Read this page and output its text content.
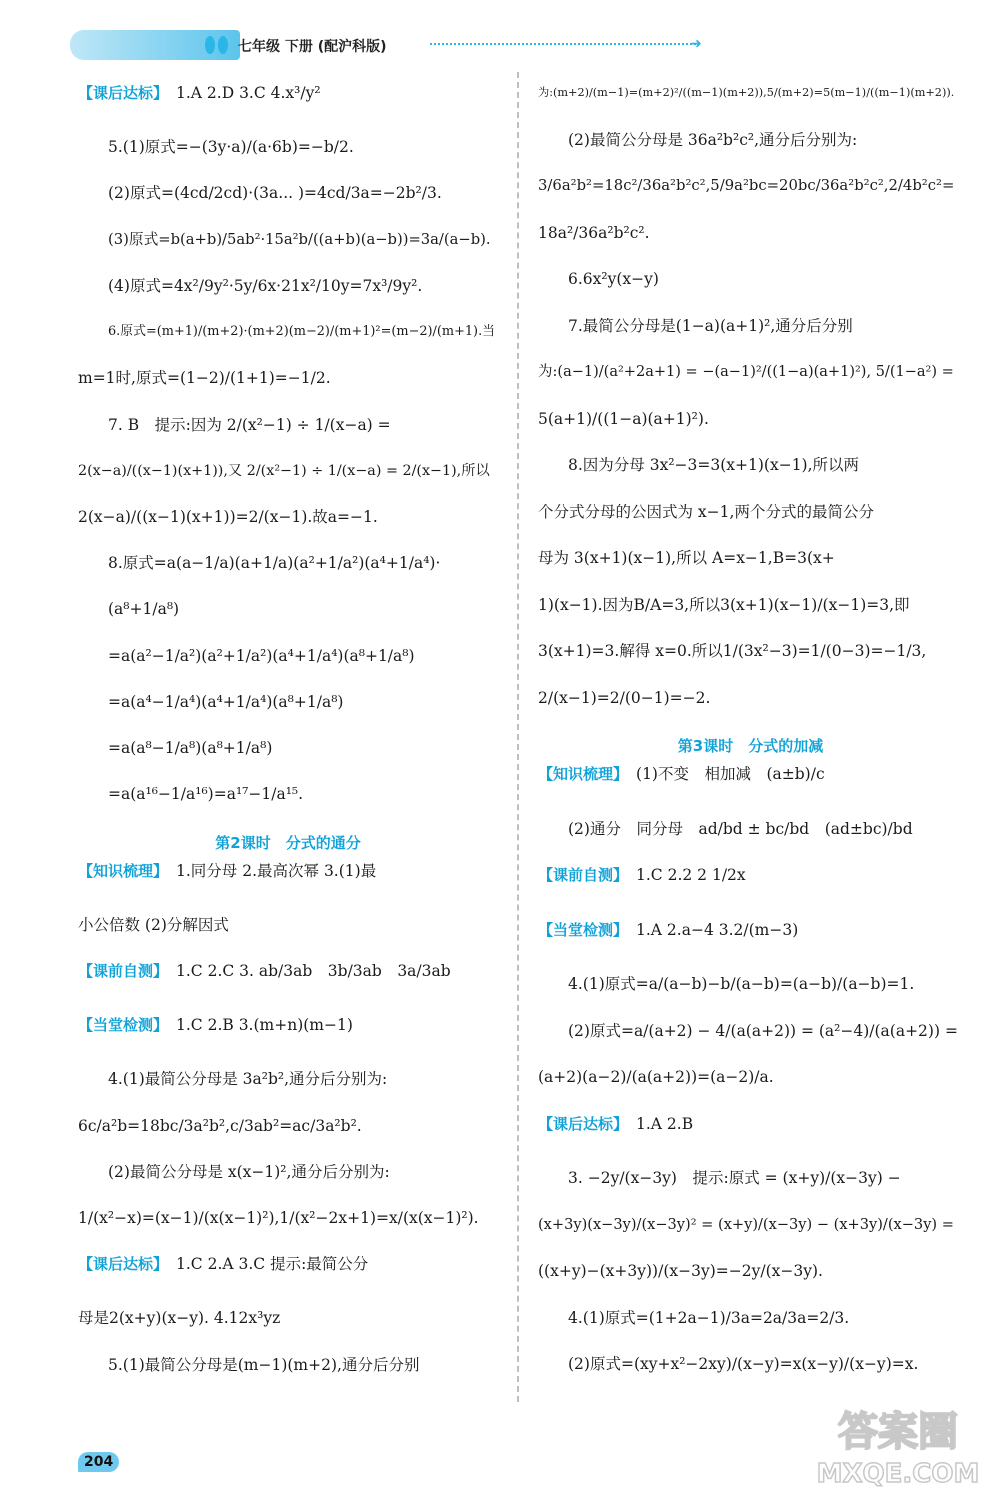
七年级 下册 (配沪科版)	➜
【课后达标】 1.A 2.D 3.C 4.x³/y²
5.(1)原式=−(3y·a)/(a·6b)=−b/2.
(2)原式=(4cd/2cd)·(3a... )=4cd/3a=−2b²/3.
(3)原式=b(a+b)/5ab²·15a²b/((a+b)(a−b))=3a/(a−b).
(4)原式=4x²/9y²·5y/6x·21x²/10y=7x³/9y².
6.原式=(m+1)/(m+2)·(m+2)(m−2)/(m+1)²=(m−2)/(m+1).当
m=1时,原式=(1−2)/(1+1)=−1/2.
7. B　提示:因为 2/(x²−1) ÷ 1/(x−a) =
2(x−a)/((x−1)(x+1)),又 2/(x²−1) ÷ 1/(x−a) = 2/(x−1),所以
2(x−a)/((x−1)(x+1))=2/(x−1).故a=−1.
8.原式=a(a−1/a)(a+1/a)(a²+1/a²)(a⁴+1/a⁴)·
(a⁸+1/a⁸)
=a(a²−1/a²)(a²+1/a²)(a⁴+1/a⁴)(a⁸+1/a⁸)
=a(a⁴−1/a⁴)(a⁴+1/a⁴)(a⁸+1/a⁸)
=a(a⁸−1/a⁸)(a⁸+1/a⁸)
=a(a¹⁶−1/a¹⁶)=a¹⁷−1/a¹⁵.
第2课时　分式的通分
【知识梳理】 1.同分母 2.最高次幂 3.(1)最
小公倍数 (2)分解因式
【课前自测】 1.C 2.C 3. ab/3ab　3b/3ab　3a/3ab
【当堂检测】 1.C 2.B 3.(m+n)(m−1)
4.(1)最简公分母是 3a²b²,通分后分别为:
6c/a²b=18bc/3a²b²,c/3ab²=ac/3a²b².
(2)最简公分母是 x(x−1)²,通分后分别为:
1/(x²−x)=(x−1)/(x(x−1)²),1/(x²−2x+1)=x/(x(x−1)²).
【课后达标】 1.C 2.A 3.C 提示:最简公分
母是2(x+y)(x−y). 4.12x³yz
5.(1)最简公分母是(m−1)(m+2),通分后分别
为:(m+2)/(m−1)=(m+2)²/((m−1)(m+2)),5/(m+2)=5(m−1)/((m−1)(m+2)).
(2)最简公分母是 36a²b²c²,通分后分别为:
3/6a²b²=18c²/36a²b²c²,5/9a²bc=20bc/36a²b²c²,2/4b²c²=
18a²/36a²b²c².
6.6x²y(x−y)
7.最简公分母是(1−a)(a+1)²,通分后分别
为:(a−1)/(a²+2a+1) = −(a−1)²/((1−a)(a+1)²), 5/(1−a²) =
5(a+1)/((1−a)(a+1)²).
8.因为分母 3x²−3=3(x+1)(x−1),所以两
个分式分母的公因式为 x−1,两个分式的最简公分
母为 3(x+1)(x−1),所以 A=x−1,B=3(x+
1)(x−1).因为B/A=3,所以3(x+1)(x−1)/(x−1)=3,即
3(x+1)=3.解得 x=0.所以1/(3x²−3)=1/(0−3)=−1/3,
2/(x−1)=2/(0−1)=−2.
第3课时　分式的加减
【知识梳理】 (1)不变　相加减　(a±b)/c
(2)通分　同分母　ad/bd ± bc/bd　(ad±bc)/bd
【课前自测】 1.C 2.2 2 1/2x
【当堂检测】 1.A 2.a−4 3.2/(m−3)
4.(1)原式=a/(a−b)−b/(a−b)=(a−b)/(a−b)=1.
(2)原式=a/(a+2) − 4/(a(a+2)) = (a²−4)/(a(a+2)) =
(a+2)(a−2)/(a(a+2))=(a−2)/a.
【课后达标】 1.A 2.B
3. −2y/(x−3y)　提示:原式 = (x+y)/(x−3y) −
(x+3y)(x−3y)/(x−3y)² = (x+y)/(x−3y) − (x+3y)/(x−3y) =
((x+y)−(x+3y))/(x−3y)=−2y/(x−3y).
4.(1)原式=(1+2a−1)/3a=2a/3a=2/3.
(2)原式=(xy+x²−2xy)/(x−y)=x(x−y)/(x−y)=x.
204
答案圈
MXQE.COM
